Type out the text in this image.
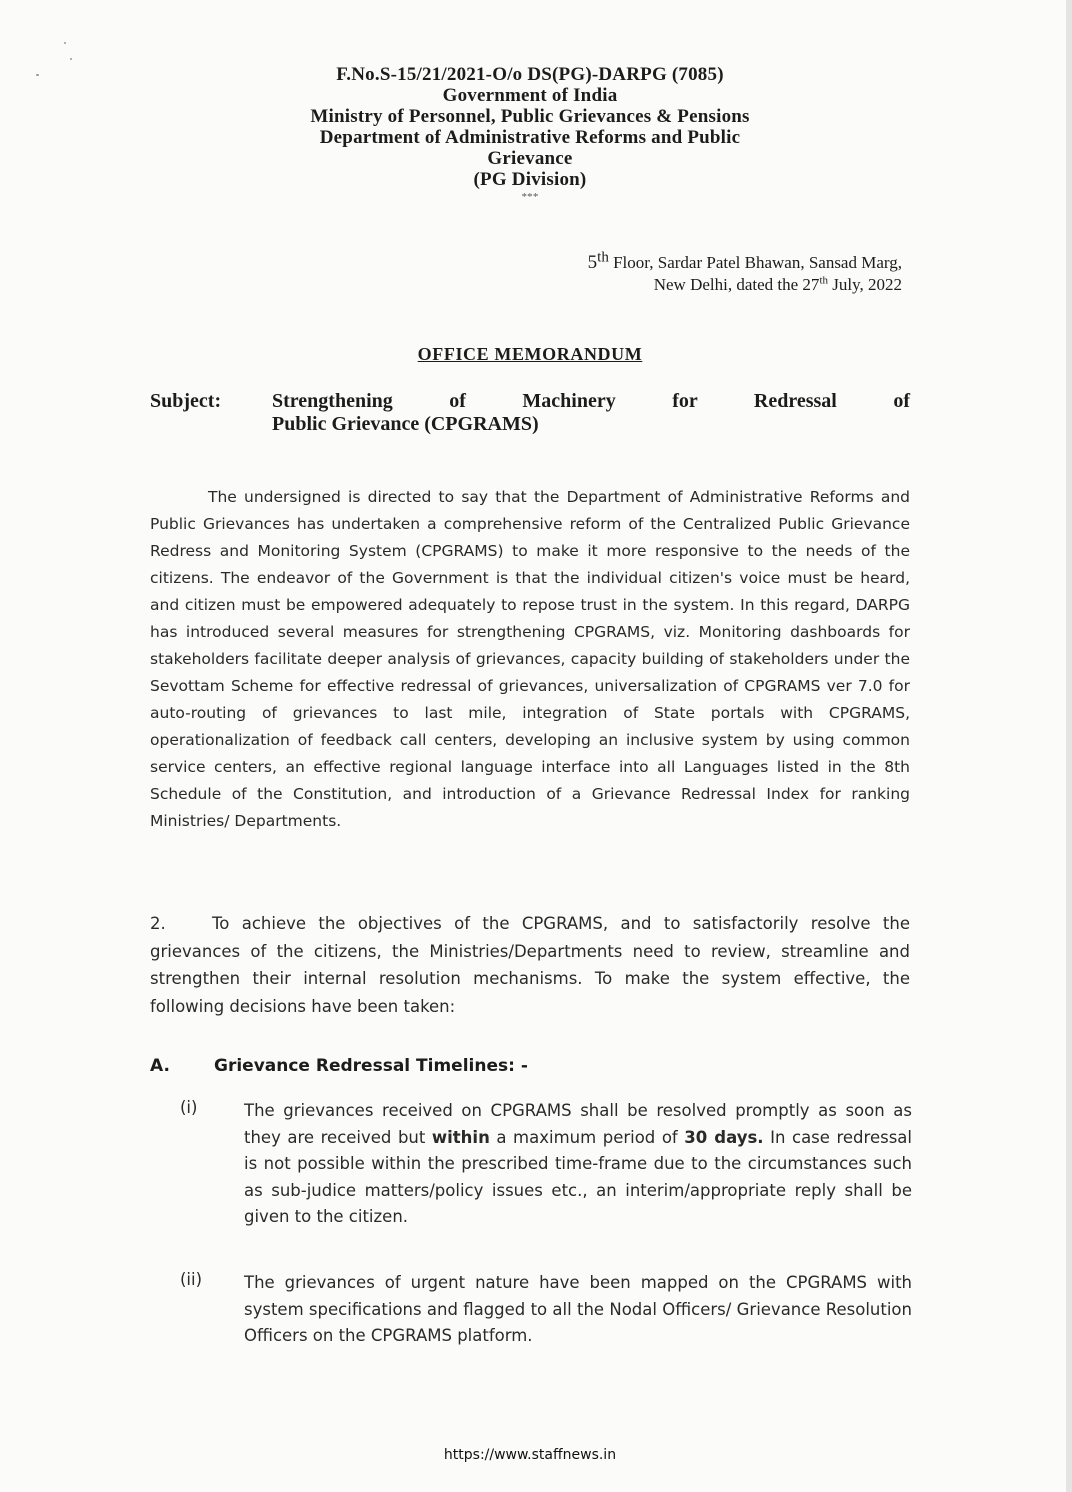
F.No.S-15/21/2021-O/o DS(PG)-DARPG (7085)
Government of India
Ministry of Personnel, Public Grievances & Pensions
Department of Administrative Reforms and Public
Grievance
(PG Division)
***
5th Floor, Sardar Patel Bhawan, Sansad Marg,
New Delhi, dated the 27th July, 2022
OFFICE MEMORANDUM
Subject:	Strengthening of Machinery for Redressal of
Public Grievance (CPGRAMS)
The undersigned is directed to say that the Department of Administrative Reforms and Public Grievances has undertaken a comprehensive reform of the Centralized Public Grievance Redress and Monitoring System (CPGRAMS) to make it more responsive to the needs of the citizens. The endeavor of the Government is that the individual citizen's voice must be heard, and citizen must be empowered adequately to repose trust in the system. In this regard, DARPG has introduced several measures for strengthening CPGRAMS, viz. Monitoring dashboards for stakeholders facilitate deeper analysis of grievances, capacity building of stakeholders under the Sevottam Scheme for effective redressal of grievances, universalization of CPGRAMS ver 7.0 for auto-routing of grievances to last mile, integration of State portals with CPGRAMS, operationalization of feedback call centers, developing an inclusive system by using common service centers, an effective regional language interface into all Languages listed in the 8th Schedule of the Constitution, and introduction of a Grievance Redressal Index for ranking Ministries/ Departments.
2.	To achieve the objectives of the CPGRAMS, and to satisfactorily resolve the grievances of the citizens, the Ministries/Departments need to review, streamline and strengthen their internal resolution mechanisms. To make the system effective, the following decisions have been taken:
A.	Grievance Redressal Timelines: -
(i)	The grievances received on CPGRAMS shall be resolved promptly as soon as they are received but within a maximum period of 30 days. In case redressal is not possible within the prescribed time-frame due to the circumstances such as sub-judice matters/policy issues etc., an interim/appropriate reply shall be given to the citizen.
(ii)	The grievances of urgent nature have been mapped on the CPGRAMS with system specifications and flagged to all the Nodal Officers/ Grievance Resolution Officers on the CPGRAMS platform.
https://www.staffnews.in
